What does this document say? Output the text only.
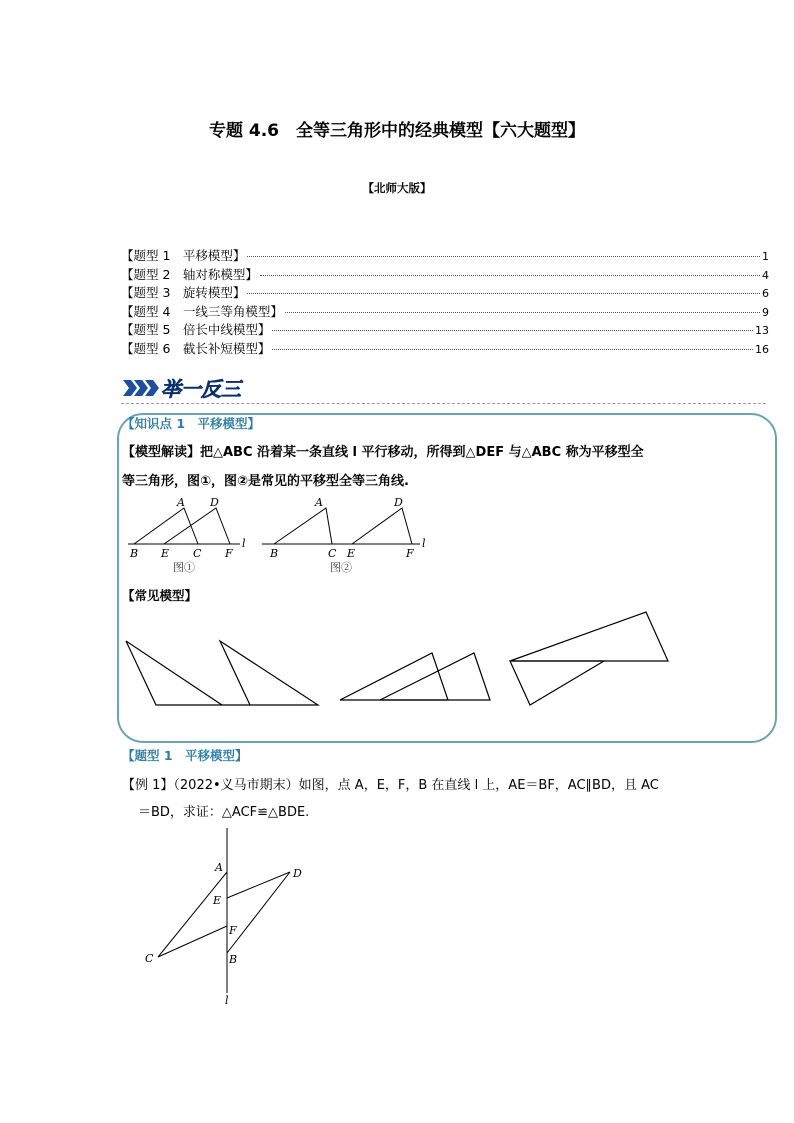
专题 4.6　全等三角形中的经典模型【六大题型】
【北师大版】
【题型 1　平移模型】	1
【题型 2　轴对称模型】	4
【题型 3　旋转模型】	6
【题型 4　一线三等角模型】	9
【题型 5　倍长中线模型】	13
【题型 6　截长补短模型】	16
举一反三
【知识点 1　平移模型】
【模型解读】把△ABC 沿着某一条直线 l 平行移动，所得到△DEF 与△ABC 称为平移型全
等三角形，图①，图②是常见的平移型全等三角线.
A D
B E C F
l
图①
A	D
B	C E	F
l
图②
【常见模型】
【题型 1　平移模型】
【例 1】（2022•义马市期末）如图，点 A，E，F，B 在直线 l 上，AE＝BF，AC∥BD，且 AC
＝BD，求证：△ACF≌△BDE.
A	D
E
F
C	B
l
